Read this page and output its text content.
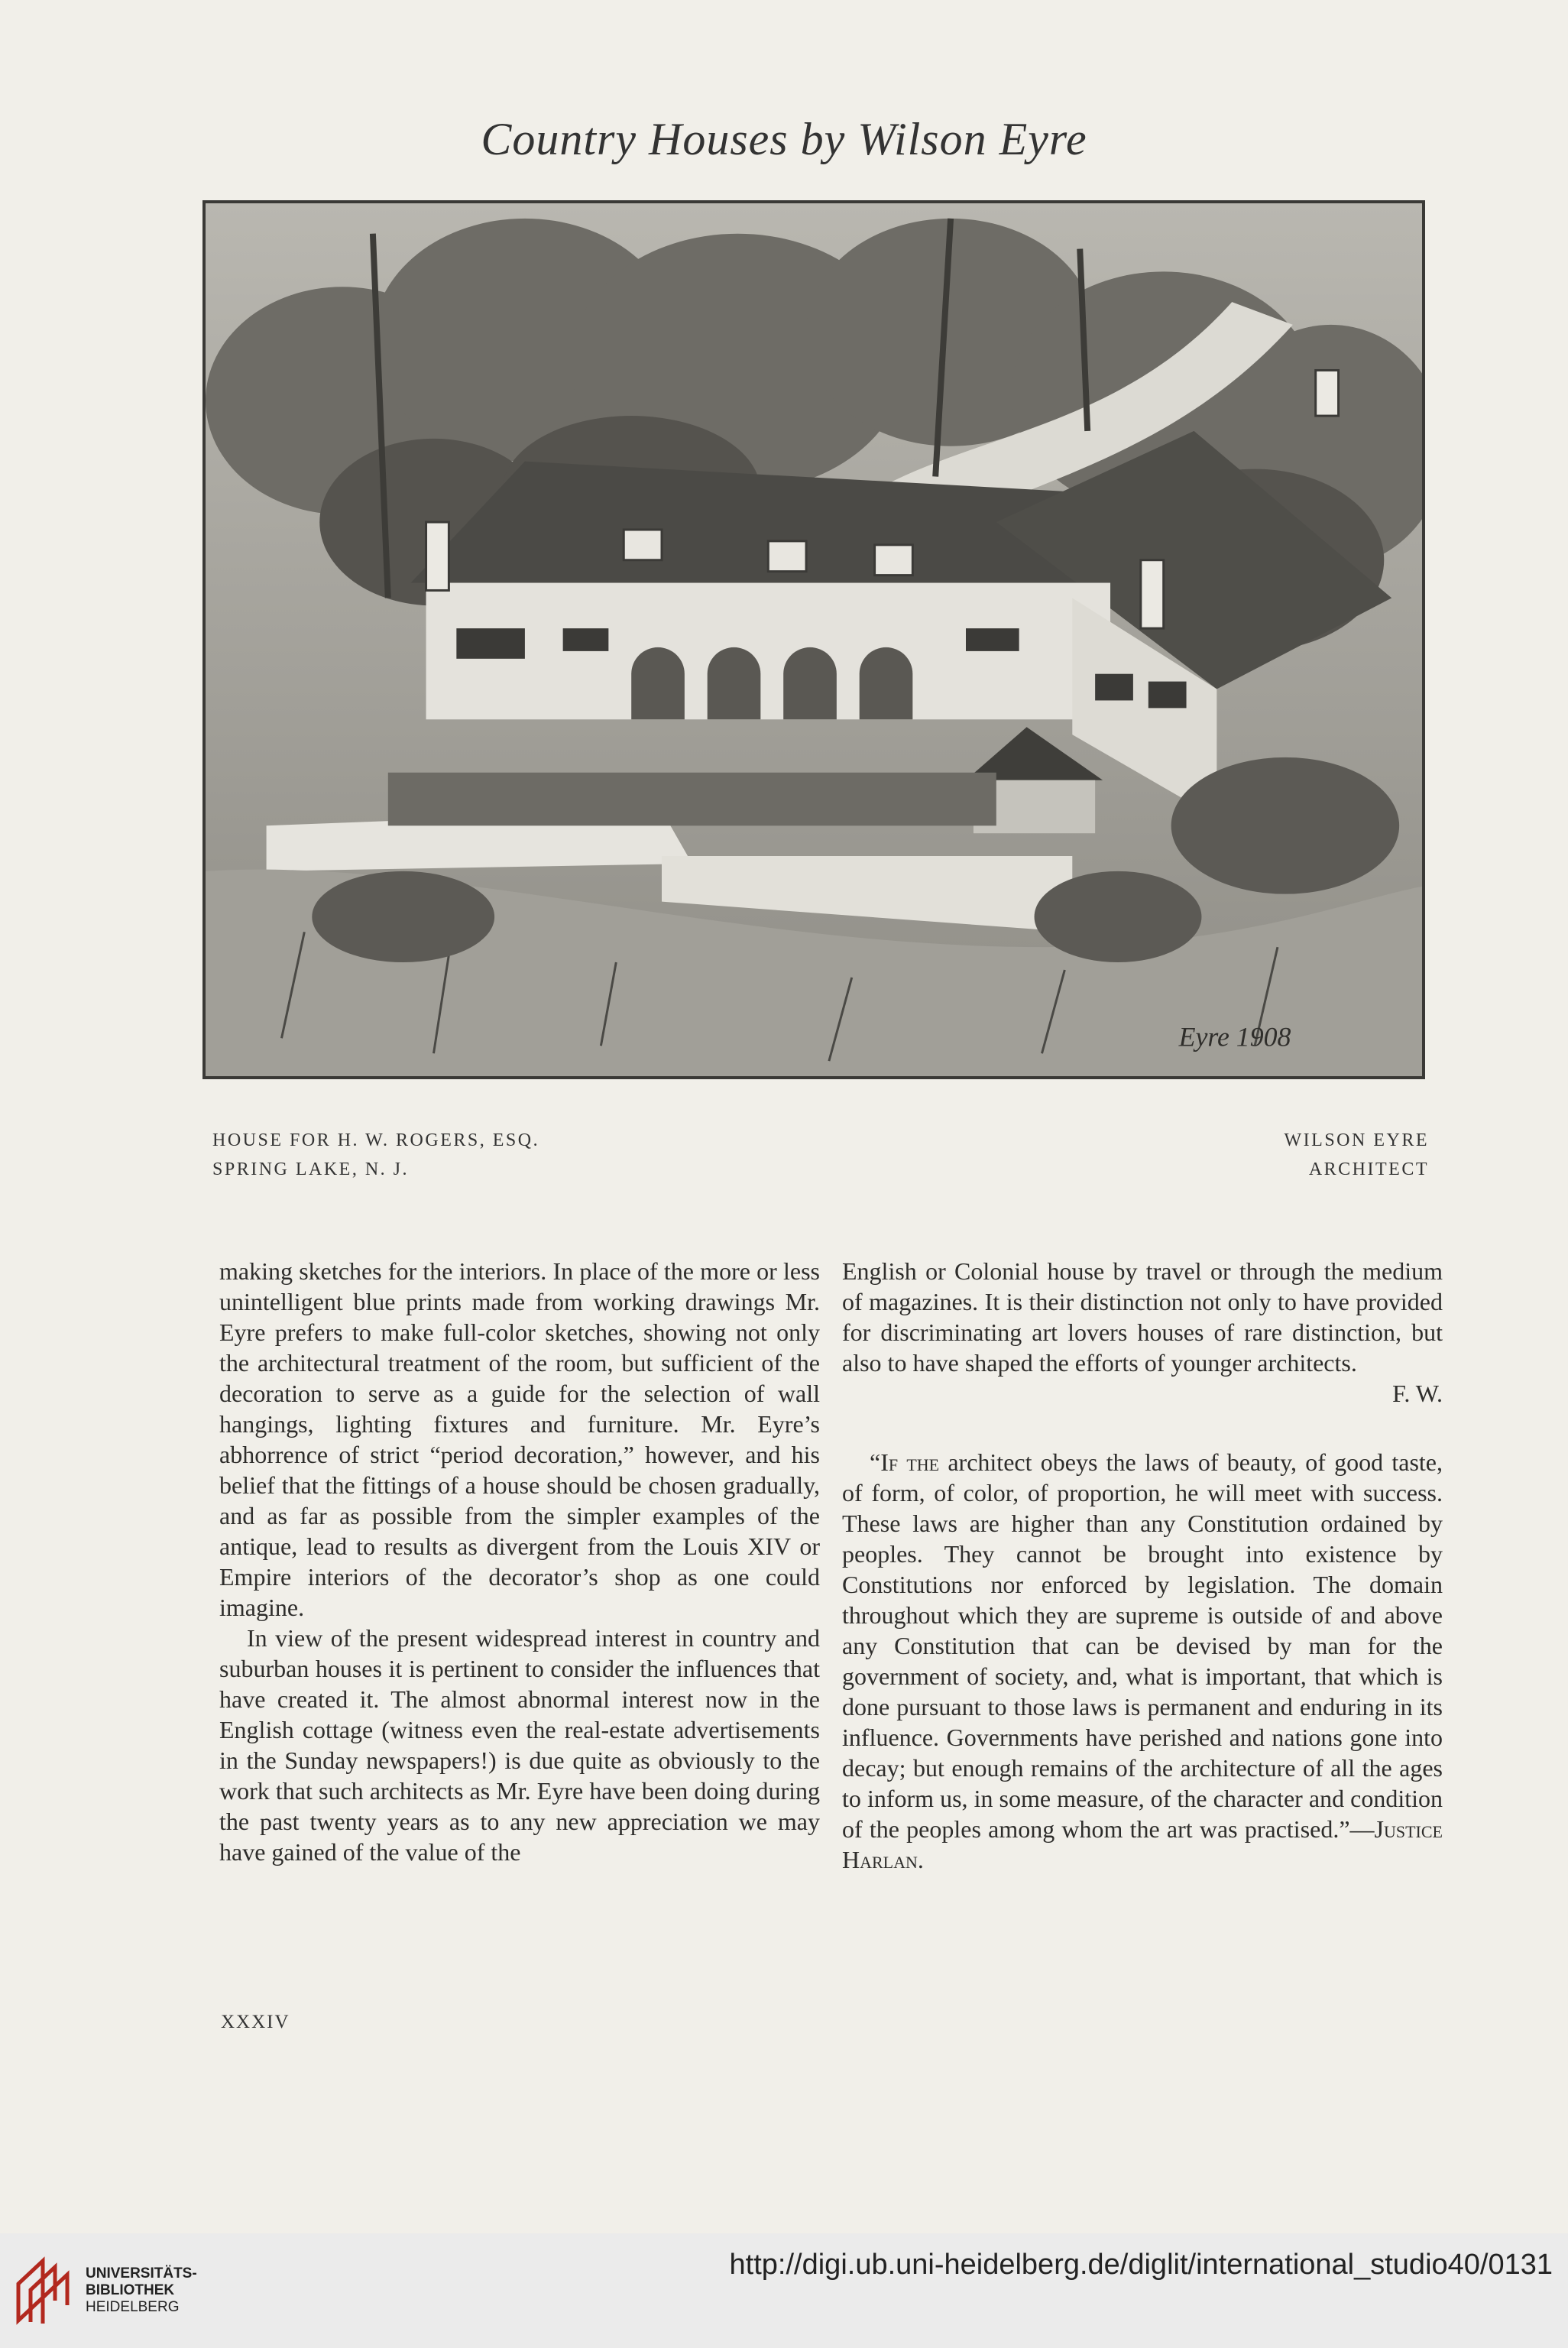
Country Houses by Wilson Eyre
Eyre 1908
HOUSE FOR H. W. ROGERS, ESQ.
SPRING LAKE, N. J.
WILSON EYRE
ARCHITECT

making sketches for the interiors. In place of the more or less unintelligent blue prints made from working drawings Mr. Eyre prefers to make full-color sketches, showing not only the architectural treatment of the room, but sufficient of the decoration to serve as a guide for the selection of wall hangings, lighting fixtures and furniture. Mr. Eyre’s abhorrence of strict “period decoration,” however, and his belief that the fittings of a house should be chosen gradually, and as far as possible from the simpler examples of the antique, lead to results as divergent from the Louis XIV or Empire interiors of the decorator’s shop as one could imagine.

In view of the present widespread interest in country and suburban houses it is pertinent to consider the influences that have created it. The almost abnormal interest now in the English cottage (witness even the real-estate advertisements in the Sunday newspapers!) is due quite as obviously to the work that such architects as Mr. Eyre have been doing during the past twenty years as to any new appreciation we may have gained of the value of the

English or Colonial house by travel or through the medium of magazines. It is their distinction not only to have provided for discriminating art lovers houses of rare distinction, but also to have shaped the efforts of younger architects.

F. W.

“If the architect obeys the laws of beauty, of good taste, of form, of color, of proportion, he will meet with success. These laws are higher than any Constitution ordained by peoples. They cannot be brought into existence by Constitutions nor enforced by legislation. The domain throughout which they are supreme is outside of and above any Constitution that can be devised by man for the government of society, and, what is important, that which is done pursuant to those laws is permanent and enduring in its influence. Governments have perished and nations gone into decay; but enough remains of the architecture of all the ages to inform us, in some measure, of the character and condition of the peoples among whom the art was practised.”—Justice Harlan.

XXXIV
UNIVERSITÄTS-
BIBLIOTHEK
HEIDELBERG
http://digi.ub.uni-heidelberg.de/diglit/international_studio40/0131
